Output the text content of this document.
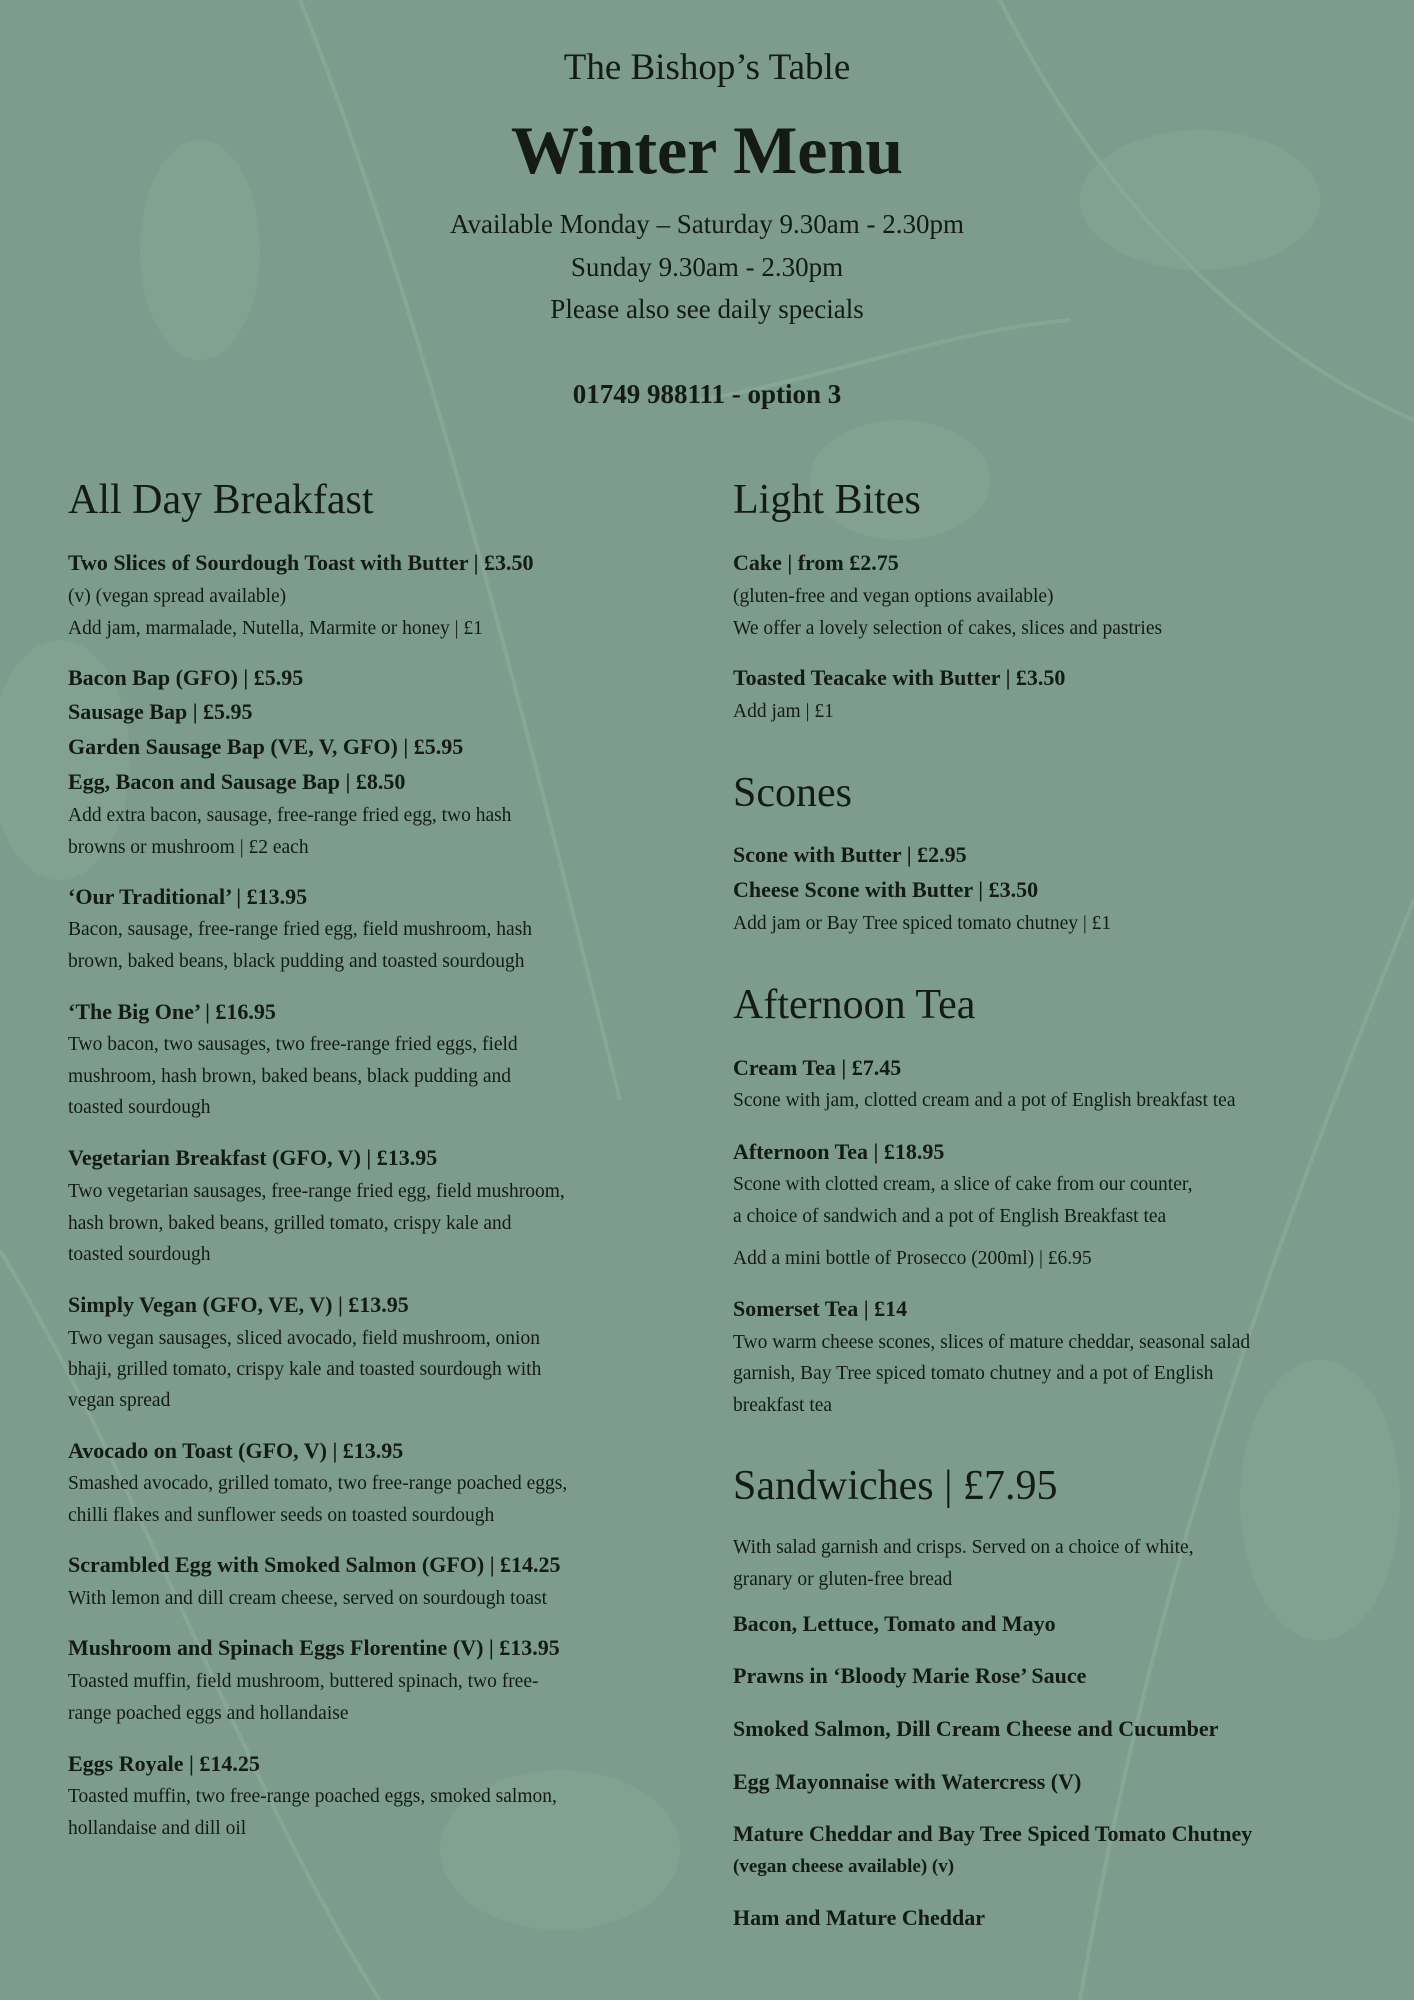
The Bishop’s Table
Winter Menu
Available Monday – Saturday 9.30am - 2.30pm
Sunday 9.30am - 2.30pm
Please also see daily specials
01749 988111 - option 3
All Day Breakfast
Two Slices of Sourdough Toast with Butter | £3.50
(v) (vegan spread available)
Add jam, marmalade, Nutella, Marmite or honey | £1
Bacon Bap (GFO) | £5.95
Sausage Bap | £5.95
Garden Sausage Bap (VE, V, GFO) | £5.95
Egg, Bacon and Sausage Bap | £8.50
Add extra bacon, sausage, free-range fried egg, two hash
browns or mushroom | £2 each
‘Our Traditional’ | £13.95
Bacon, sausage, free-range fried egg, field mushroom, hash
brown, baked beans, black pudding and toasted sourdough
‘The Big One’ | £16.95
Two bacon, two sausages, two free-range fried eggs, field
mushroom, hash brown, baked beans, black pudding and
toasted sourdough
Vegetarian Breakfast (GFO, V) | £13.95
Two vegetarian sausages, free-range fried egg, field mushroom,
hash brown, baked beans, grilled tomato, crispy kale and
toasted sourdough
Simply Vegan (GFO, VE, V) | £13.95
Two vegan sausages, sliced avocado, field mushroom, onion
bhaji, grilled tomato, crispy kale and toasted sourdough with
vegan spread
Avocado on Toast (GFO, V) | £13.95
Smashed avocado, grilled tomato, two free-range poached eggs,
chilli flakes and sunflower seeds on toasted sourdough
Scrambled Egg with Smoked Salmon (GFO) | £14.25
With lemon and dill cream cheese, served on sourdough toast
Mushroom and Spinach Eggs Florentine (V) | £13.95
Toasted muffin, field mushroom, buttered spinach, two free-
range poached eggs and hollandaise
Eggs Royale | £14.25
Toasted muffin, two free-range poached eggs, smoked salmon,
hollandaise and dill oil
Light Bites
Cake | from £2.75
(gluten-free and vegan options available)
We offer a lovely selection of cakes, slices and pastries
Toasted Teacake with Butter | £3.50
Add jam | £1
Scones
Scone with Butter | £2.95
Cheese Scone with Butter | £3.50
Add jam or Bay Tree spiced tomato chutney | £1
Afternoon Tea
Cream Tea | £7.45
Scone with jam, clotted cream and a pot of English breakfast tea
Afternoon Tea | £18.95
Scone with clotted cream, a slice of cake from our counter,
a choice of sandwich and a pot of English Breakfast tea
Add a mini bottle of Prosecco (200ml) | £6.95
Somerset Tea | £14
Two warm cheese scones, slices of mature cheddar, seasonal salad
garnish, Bay Tree spiced tomato chutney and a pot of English
breakfast tea
Sandwiches | £7.95
With salad garnish and crisps. Served on a choice of white,
granary or gluten-free bread
Bacon, Lettuce, Tomato and Mayo
Prawns in ‘Bloody Marie Rose’ Sauce
Smoked Salmon, Dill Cream Cheese and Cucumber
Egg Mayonnaise with Watercress (V)
Mature Cheddar and Bay Tree Spiced Tomato Chutney
(vegan cheese available) (v)
Ham and Mature Cheddar
